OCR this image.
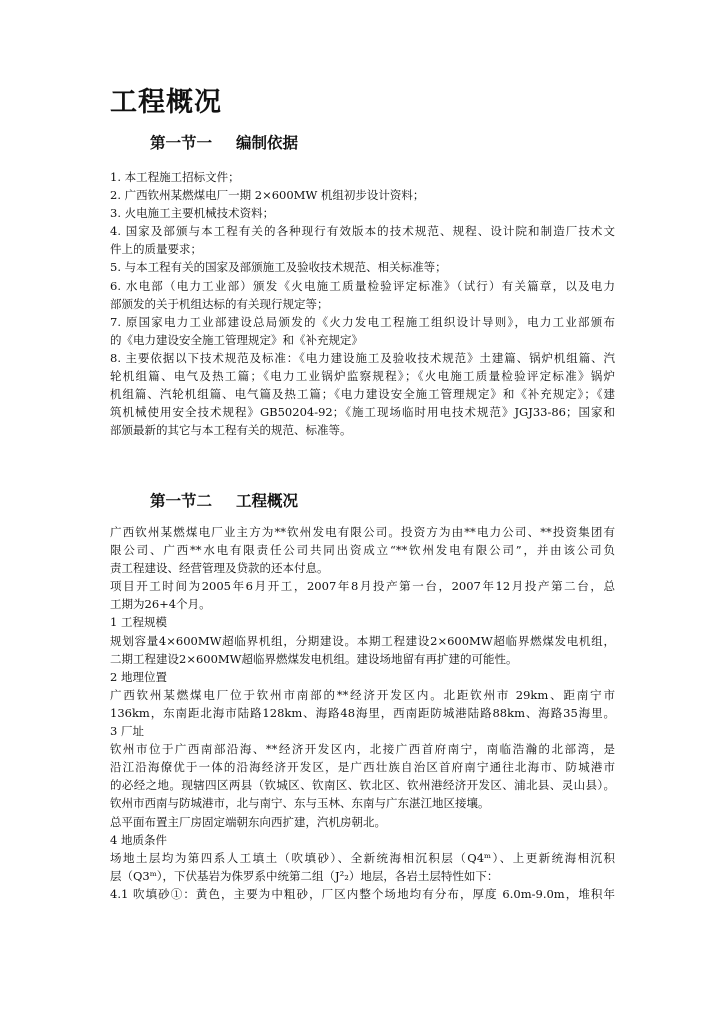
工程概况
第一节一 编制依据
1. 本工程施工招标文件；
2. 广西钦州某燃煤电厂一期 2×600MW 机组初步设计资料；
3. 火电施工主要机械技术资料；
4. 国家及部颁与本工程有关的各种现行有效版本的技术规范、规程、设计院和制造厂技术文
件上的质量要求；
5. 与本工程有关的国家及部颁施工及验收技术规范、相关标准等；
6. 水电部（电力工业部）颁发《火电施工质量检验评定标准》（试行）有关篇章，以及电力
部颁发的关于机组达标的有关现行规定等；
7. 原国家电力工业部建设总局颁发的《火力发电工程施工组织设计导则》，电力工业部颁布
的《电力建设安全施工管理规定》和《补充规定》
8. 主要依据以下技术规范及标准：《电力建设施工及验收技术规范》土建篇、锅炉机组篇、汽
轮机组篇、电气及热工篇；《电力工业锅炉监察规程》；《火电施工质量检验评定标准》锅炉
机组篇、汽轮机组篇、电气篇及热工篇；《电力建设安全施工管理规定》和《补充规定》；《建
筑机械使用安全技术规程》GB50204-92；《施工现场临时用电技术规范》JGJ33-86；国家和
部颁最新的其它与本工程有关的规范、标准等。
第一节二 工程概况
广西钦州某燃煤电厂业主方为**钦州发电有限公司。投资方为由**电力公司、**投资集团有
限公司、广西**水电有限责任公司共同出资成立“**钦州发电有限公司”，并由该公司负
责工程建设、经营管理及贷款的还本付息。
项目开工时间为2005年6月开工，2007年8月投产第一台，2007年12月投产第二台，总
工期为26+4个月。
1 工程规模
规划容量4×600MW超临界机组，分期建设。本期工程建设2×600MW超临界燃煤发电机组，
二期工程建设2×600MW超临界燃煤发电机组。建设场地留有再扩建的可能性。
2 地理位置
广西钦州某燃煤电厂位于钦州市南部的**经济开发区内。北距钦州市 29km、距南宁市
136km，东南距北海市陆路128km、海路48海里，西南距防城港陆路88km、海路35海里。
3 厂址
钦州市位于广西南部沿海、**经济开发区内，北接广西首府南宁，南临浩瀚的北部湾，是
沿江沿海僚优于一体的沿海经济开发区，是广西壮族自治区首府南宁通往北海市、防城港市
的必经之地。现辖四区两县（钦城区、钦南区、钦北区、钦州港经济开发区、浦北县、灵山县）。
钦州市西南与防城港市，北与南宁、东与玉林、东南与广东湛江地区接壤。
总平面布置主厂房固定端朝东向西扩建，汽机房朝北。
4 地质条件
场地土层均为第四系人工填土（吹填砂）、全新统海相沉积层（Q4ᵐ）、上更新统海相沉积
层（Q3ᵐ），下伏基岩为侏罗系中统第二组（J²₂）地层，各岩土层特性如下：
4.1 吹填砂①：黄色，主要为中粗砂，厂区内整个场地均有分布，厚度 6.0m-9.0m，堆积年
